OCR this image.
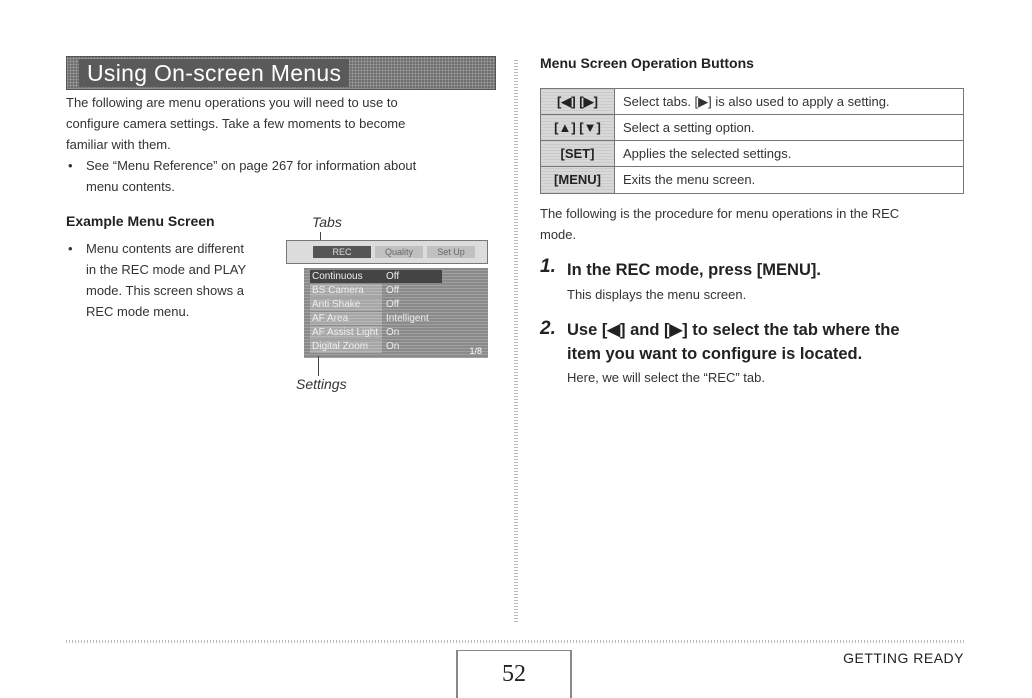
Using On-screen Menus
The following are menu operations you will need to use to
configure camera settings. Take a few moments to become
familiar with them.
•	See “Menu Reference” on page 267 for information about
menu contents.
Example Menu Screen
•	Menu contents are different
in the REC mode and PLAY
mode. This screen shows a
REC mode menu.
Tabs
REC	Quality	Set Up
Continuous Off
BS Camera Off
Anti Shake	Off
AF Area	Intelligent
AF Assist Light On
Digital Zoom On	1/8
Settings
Menu Screen Operation Buttons
[◀] [▶]	Select tabs. [▶] is also used to apply a setting.
[▲] [▼]	Select a setting option.
[SET]	Applies the selected settings.
[MENU]	Exits the menu screen.
The following is the procedure for menu operations in the REC
mode.
1. In the REC mode, press [MENU].
This displays the menu screen.
2. Use [◀] and [▶] to select the tab where the
item you want to configure is located.
Here, we will select the “REC” tab.
52
GETTING READY
